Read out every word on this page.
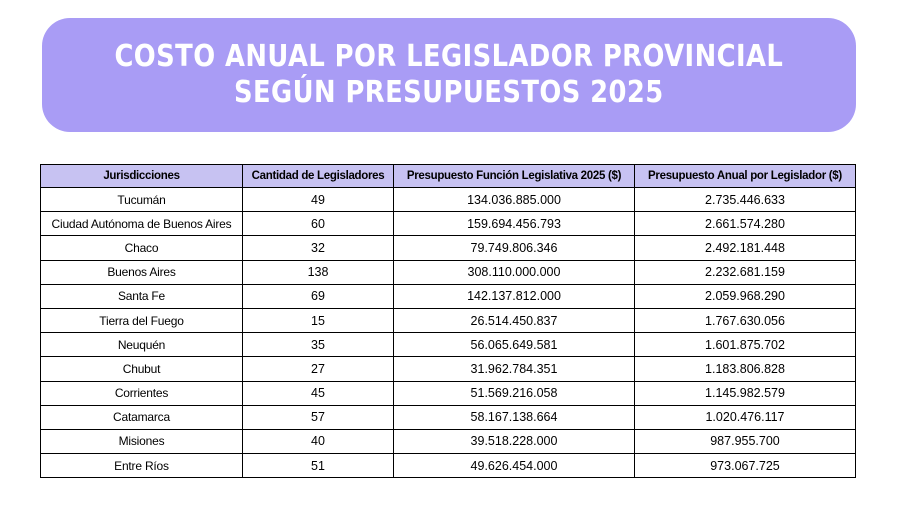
COSTO ANUAL POR LEGISLADOR PROVINCIAL
SEGÚN PRESUPUESTOS 2025
Jurisdicciones	Cantidad de Legisladores	Presupuesto Función Legislativa 2025 ($)	Presupuesto Anual por Legislador ($)
Tucumán	49	134.036.885.000	2.735.446.633
Ciudad Autónoma de Buenos Aires	60	159.694.456.793	2.661.574.280
Chaco	32	79.749.806.346	2.492.181.448
Buenos Aires	138	308.110.000.000	2.232.681.159
Santa Fe	69	142.137.812.000	2.059.968.290
Tierra del Fuego	15	26.514.450.837	1.767.630.056
Neuquén	35	56.065.649.581	1.601.875.702
Chubut	27	31.962.784.351	1.183.806.828
Corrientes	45	51.569.216.058	1.145.982.579
Catamarca	57	58.167.138.664	1.020.476.117
Misiones	40	39.518.228.000	987.955.700
Entre Ríos	51	49.626.454.000	973.067.725
